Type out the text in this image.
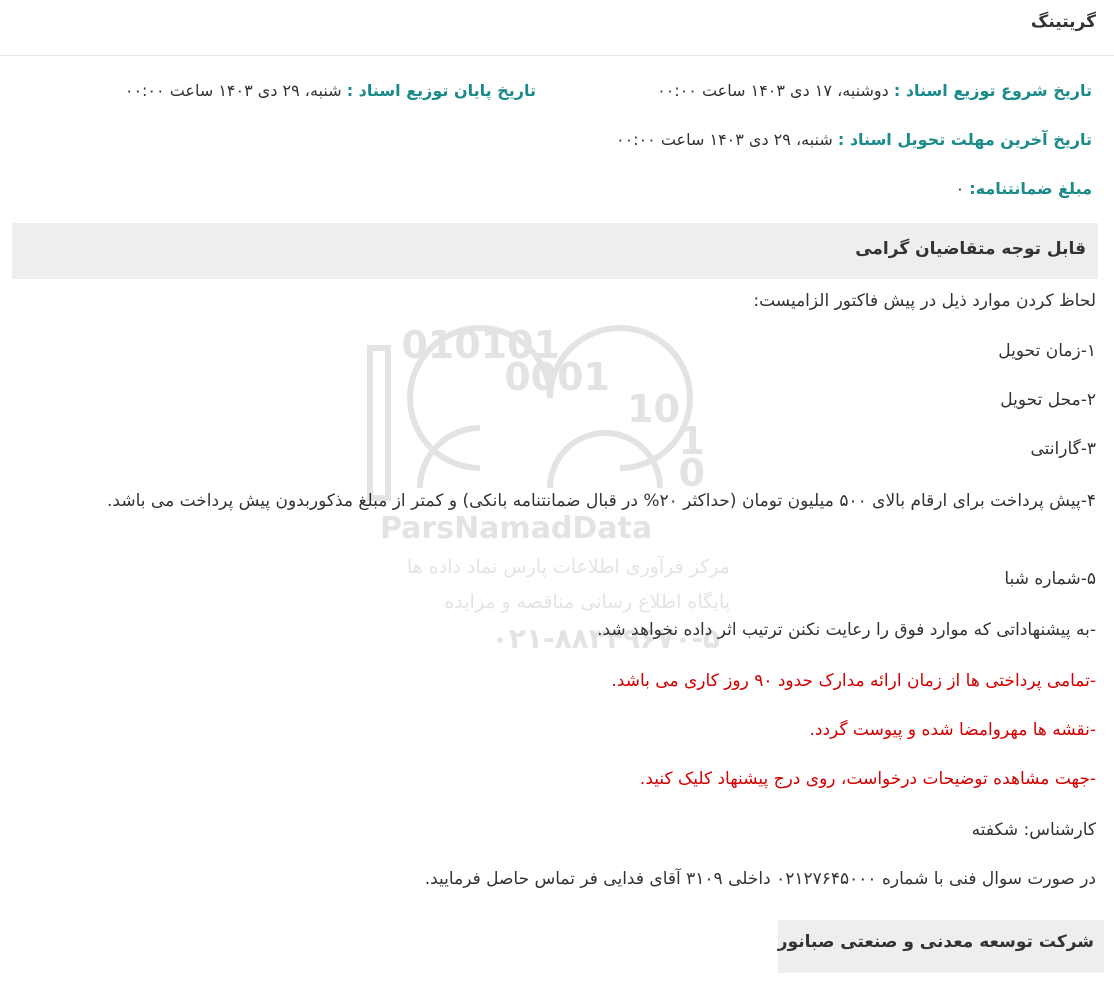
گریتینگ
تاریخ شروع توزیع اسناد : دوشنبه، ۱۷ دی ۱۴۰۳ ساعت ۰۰:۰۰
تاریخ پایان توزیع اسناد : شنبه، ۲۹ دی ۱۴۰۳ ساعت ۰۰:۰۰
تاریخ آخرین مهلت تحویل اسناد : شنبه، ۲۹ دی ۱۴۰۳ ساعت ۰۰:۰۰
مبلغ ضمانتنامه: ۰
قابل توجه متقاضیان گرامی
010101
0001
10
1
0
ParsNamadData
مرکز فرآوری اطلاعات پارس نماد داده ها
پایگاه اطلاع رسانی مناقصه و مزایده
۰۲۱-۸۸۳۴۹۶۷۰-۵

لحاظ کردن موارد ذیل در پیش فاکتور الزامیست:

۱-زمان تحویل

۲-محل تحویل

۳-گارانتی

۴-پیش پرداخت برای ارقام بالای ۵۰۰ میلیون تومان (حداکثر ۲۰% در قبال ضمانتنامه بانکی) و کمتر از مبلغ مذکوربدون پیش پرداخت می باشد.

۵-شماره شبا

-به پیشنهاداتی که موارد فوق را رعایت نکنن ترتیب اثر داده نخواهد شد.

-تمامی پرداختی ها از زمان ارائه مدارک حدود ۹۰ روز کاری می باشد.

-نقشه ها مهروامضا شده و پیوست گردد.

-جهت مشاهده توضیحات درخواست، روی درج پیشنهاد کلیک کنید.

کارشناس: شکفته

در صورت سوال فنی با شماره ۰۲۱۲۷۶۴۵۰۰۰ داخلی ۳۱۰۹ آقای فدایی فر تماس حاصل فرمایید.

شرکت توسعه معدنی و صنعتی صبانور
